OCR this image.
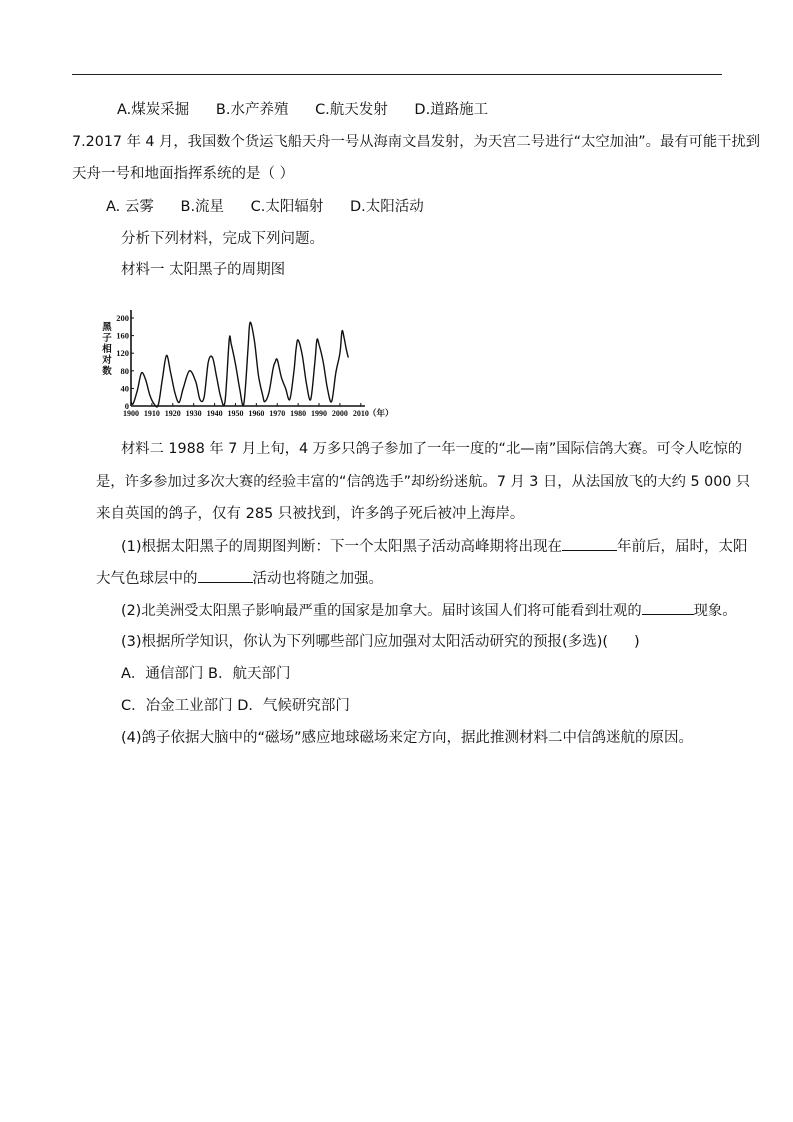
A.煤炭采掘 B.水产养殖 C.航天发射 D.道路施工
7.2017 年 4 月，我国数个货运飞船天舟一号从海南文昌发射，为天宫二号进行“太空加油”。最有可能干扰到
天舟一号和地面指挥系统的是（ ）
A. 云雾 B.流星 C.太阳辐射 D.太阳活动
分析下列材料，完成下列问题。
材料一 太阳黑子的周期图
0
40
80
120
160
200
1900 1910 1920 1930 1940 1950 1960 1970 1980 1990 2000 2010 （年）
黑
子
相
对
数
材料二 1988 年 7 月上旬，4 万多只鸽子参加了一年一度的“北—南”国际信鸽大赛。可令人吃惊的
是，许多参加过多次大赛的经验丰富的“信鸽选手”却纷纷迷航。7 月 3 日，从法国放飞的大约 5 000 只
来自英国的鸽子，仅有 285 只被找到，许多鸽子死后被冲上海岸。
(1)根据太阳黑子的周期图判断：下一个太阳黑子活动高峰期将出现在	年前后，届时，太阳
大气色球层中的	活动也将随之加强。
(2)北美洲受太阳黑子影响最严重的国家是加拿大。届时该国人们将可能看到壮观的	现象。
(3)根据所学知识，你认为下列哪些部门应加强对太阳活动研究的预报(多选)( )
A．通信部门 B．航天部门
C．冶金工业部门 D．气候研究部门
(4)鸽子依据大脑中的“磁场”感应地球磁场来定方向，据此推测材料二中信鸽迷航的原因。
